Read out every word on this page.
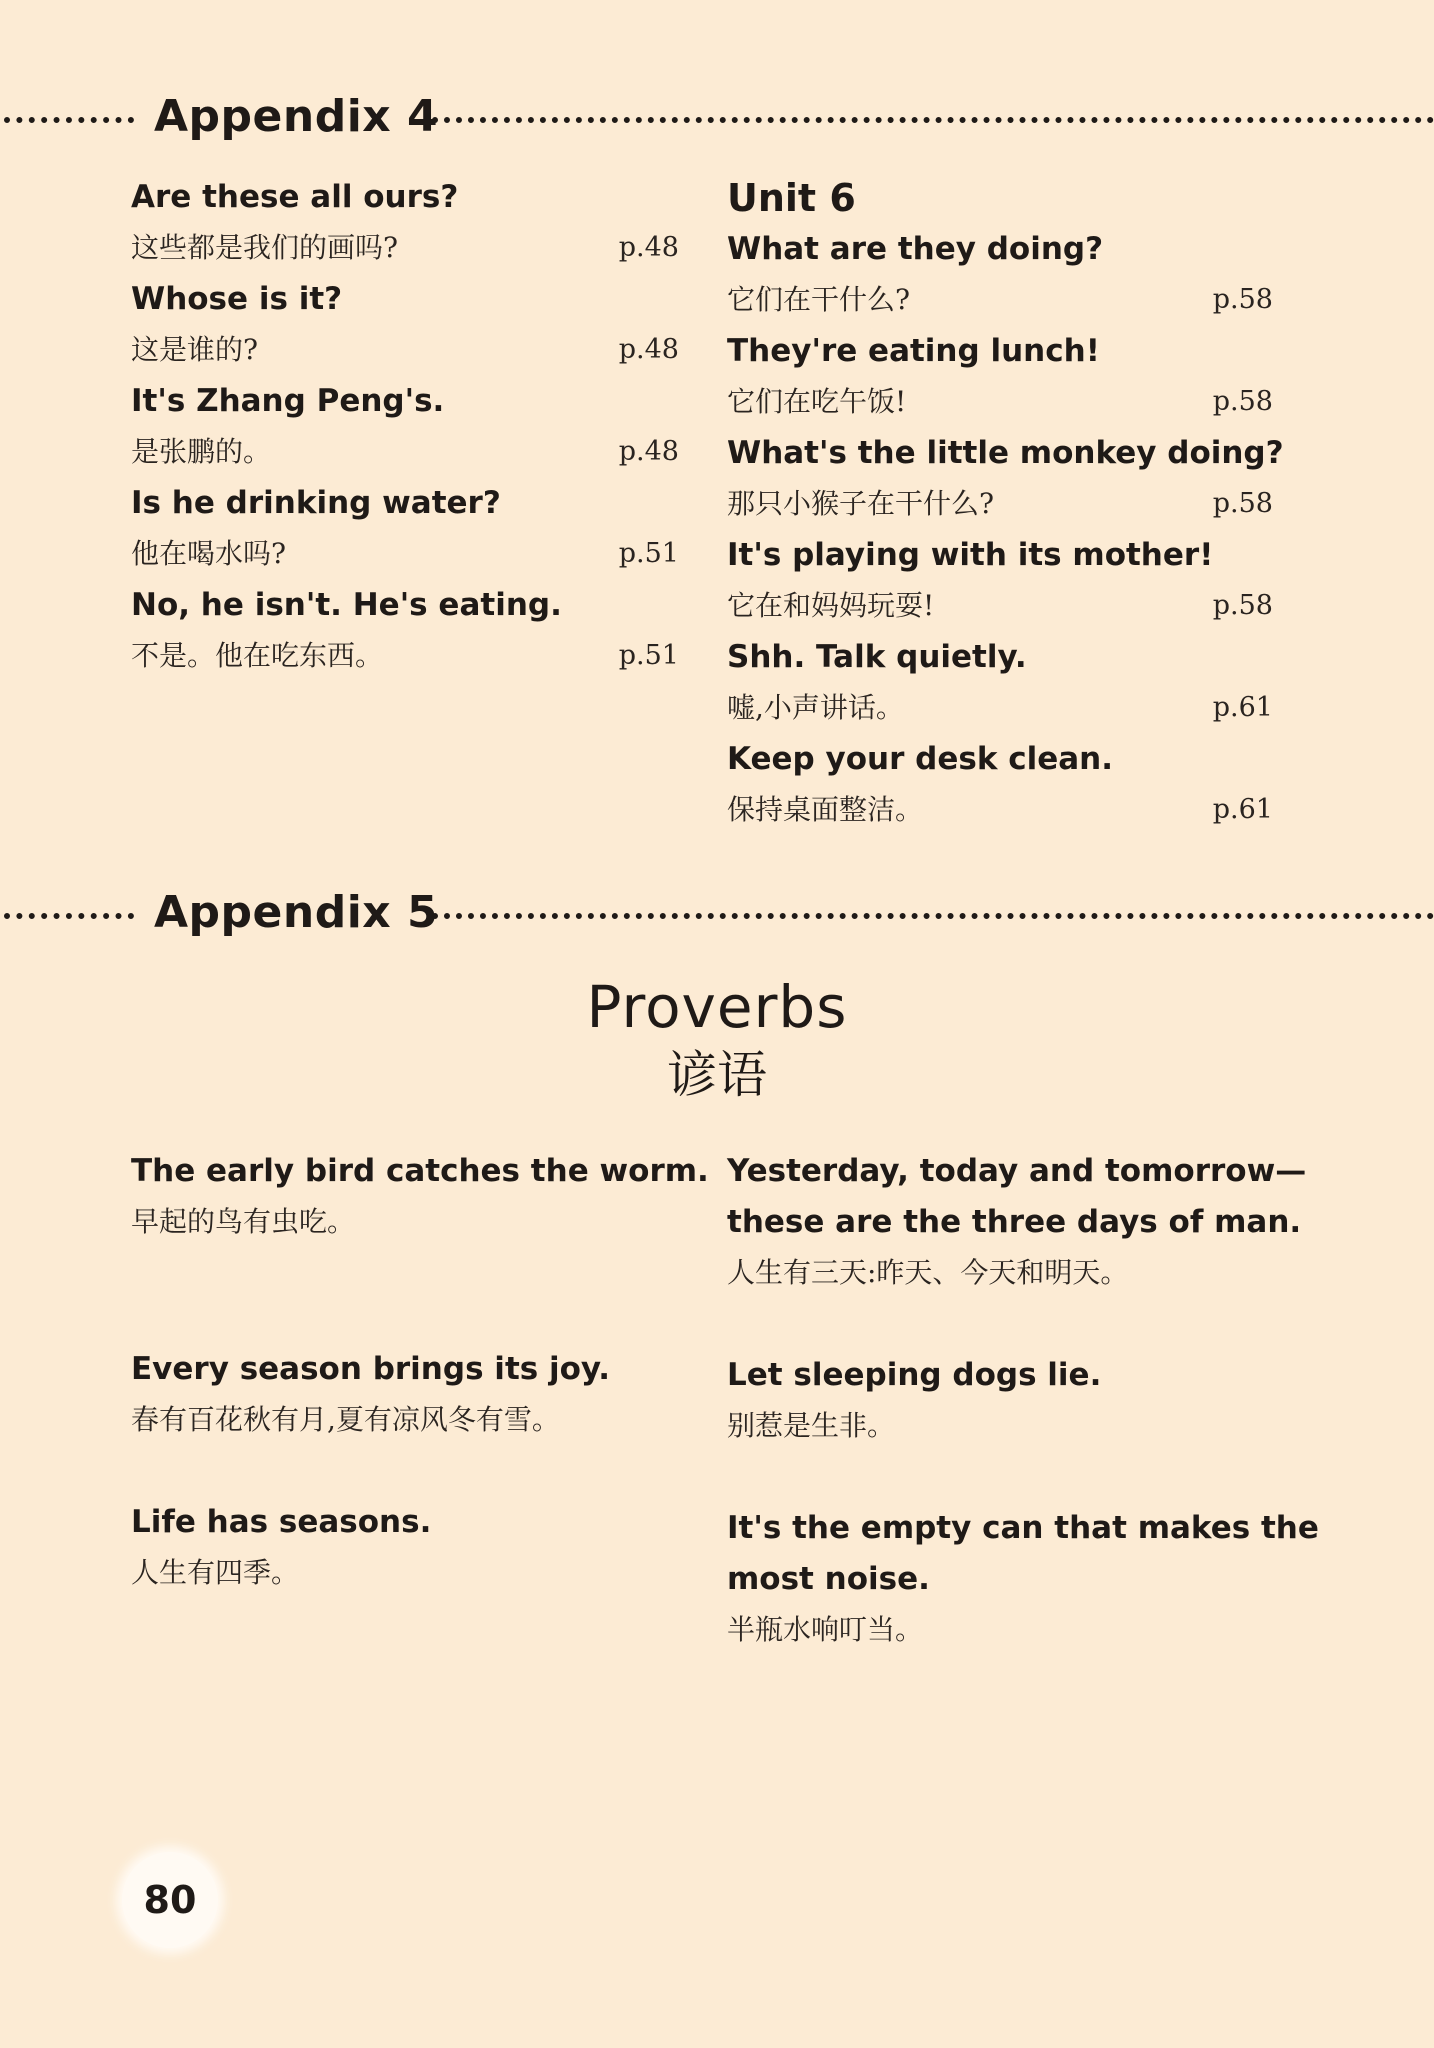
Appendix 4
Are these all ours?
这些都是我们的画吗?	p.48
Whose is it?
这是谁的?	p.48
It's Zhang Peng's.
是张鹏的。	p.48
Is he drinking water?
他在喝水吗?	p.51
No, he isn't. He's eating.
不是。他在吃东西。	p.51
Unit 6
What are they doing?
它们在干什么?	p.58
They're eating lunch!
它们在吃午饭!	p.58
What's the little monkey doing?
那只小猴子在干什么?	p.58
It's playing with its mother!
它在和妈妈玩耍!	p.58
Shh. Talk quietly.
嘘,小声讲话。	p.61
Keep your desk clean.
保持桌面整洁。	p.61
Appendix 5
Proverbs
谚语
The early bird catches the worm.
早起的鸟有虫吃。
Yesterday, today and tomorrow—
these are the three days of man.
人生有三天:昨天、今天和明天。
Every season brings its joy.
春有百花秋有月,夏有凉风冬有雪。
Let sleeping dogs lie.
别惹是生非。
Life has seasons.
人生有四季。
It's the empty can that makes the
most noise.
半瓶水响叮当。
80
